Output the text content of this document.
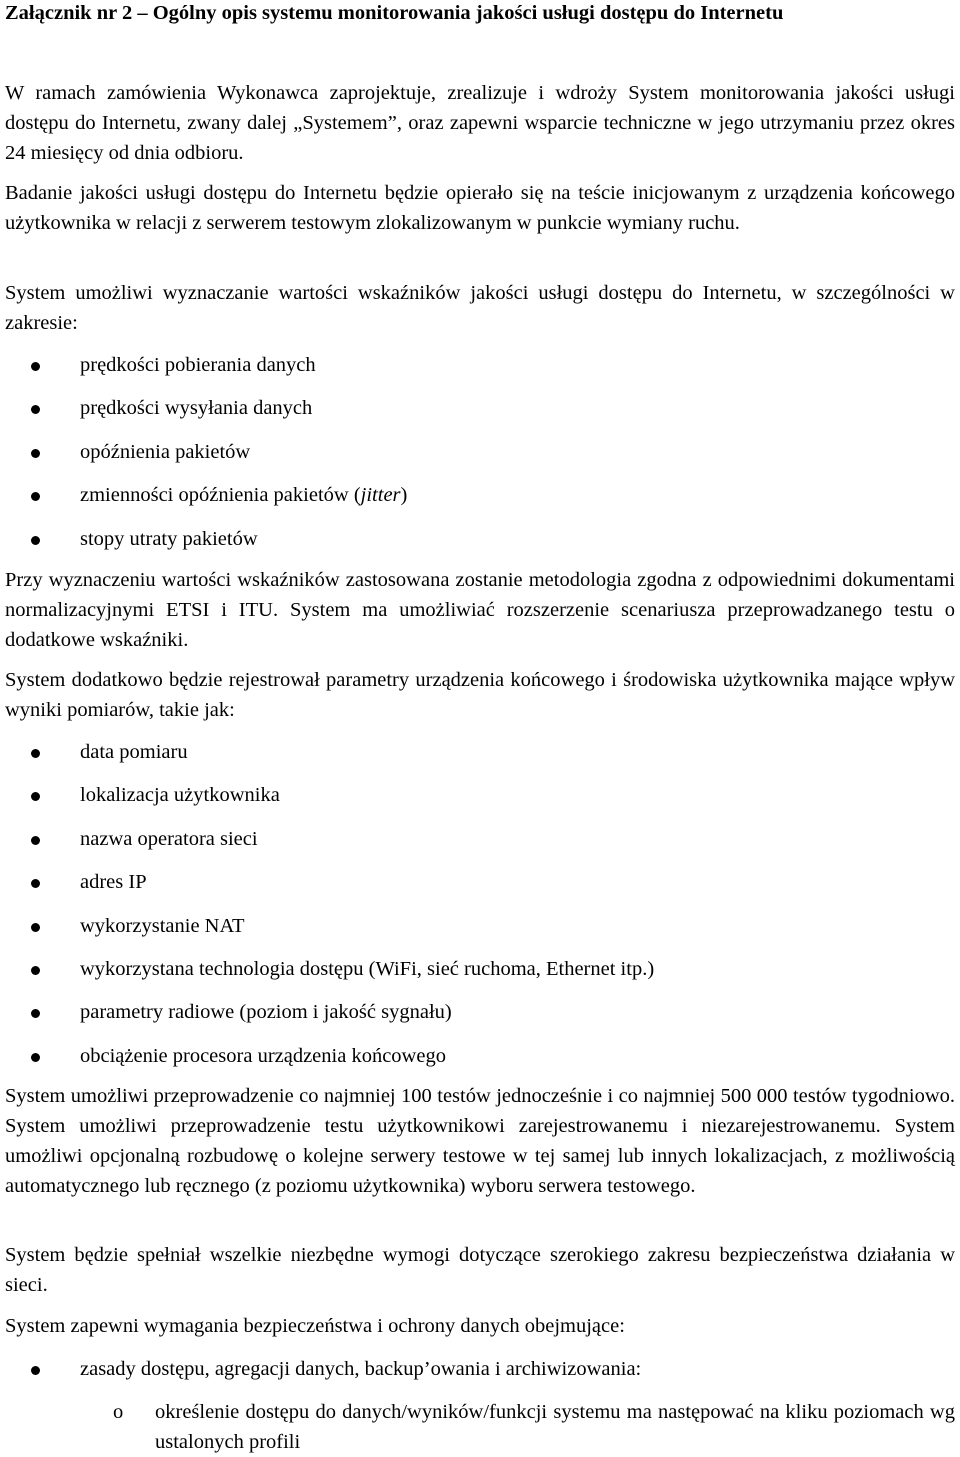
Załącznik nr 2 – Ogólny opis systemu monitorowania jakości usługi dostępu do Internetu
W ramach zamówienia Wykonawca zaprojektuje, zrealizuje i wdroży System monitorowania jakości usługi dostępu do Internetu, zwany dalej „Systemem”, oraz zapewni wsparcie techniczne w jego utrzymaniu przez okres 24 miesięcy od dnia odbioru.
Badanie jakości usługi dostępu do Internetu będzie opierało się na teście inicjowanym z urządzenia końcowego użytkownika w relacji z serwerem testowym zlokalizowanym w punkcie wymiany ruchu.
System umożliwi wyznaczanie wartości wskaźników jakości usługi dostępu do Internetu, w szczególności w zakresie:
prędkości pobierania danych
prędkości wysyłania danych
opóźnienia pakietów
zmienności opóźnienia pakietów (jitter)
stopy utraty pakietów
Przy wyznaczeniu wartości wskaźników zastosowana zostanie metodologia zgodna z odpowiednimi dokumentami normalizacyjnymi ETSI i ITU. System ma umożliwiać rozszerzenie scenariusza przeprowadzanego testu o dodatkowe wskaźniki.
System dodatkowo będzie rejestrował parametry urządzenia końcowego i środowiska użytkownika mające wpływ wyniki pomiarów, takie jak:
data pomiaru
lokalizacja użytkownika
nazwa operatora sieci
adres IP
wykorzystanie NAT
wykorzystana technologia dostępu (WiFi, sieć ruchoma, Ethernet itp.)
parametry radiowe (poziom i jakość sygnału)
obciążenie procesora urządzenia końcowego
System umożliwi przeprowadzenie co najmniej 100 testów jednocześnie i co najmniej 500 000 testów tygodniowo. System umożliwi przeprowadzenie testu użytkownikowi zarejestrowanemu i niezarejestrowanemu. System umożliwi opcjonalną rozbudowę o kolejne serwery testowe w tej samej lub innych lokalizacjach, z możliwością automatycznego lub ręcznego (z poziomu użytkownika) wyboru serwera testowego.
System będzie spełniał wszelkie niezbędne wymogi dotyczące szerokiego zakresu bezpieczeństwa działania w sieci.
System zapewni wymagania bezpieczeństwa i ochrony danych obejmujące:
zasady dostępu, agregacji danych, backup’owania i archiwizowania:
o określenie dostępu do danych/wyników/funkcji systemu ma następować na kliku poziomach wg ustalonych profili
